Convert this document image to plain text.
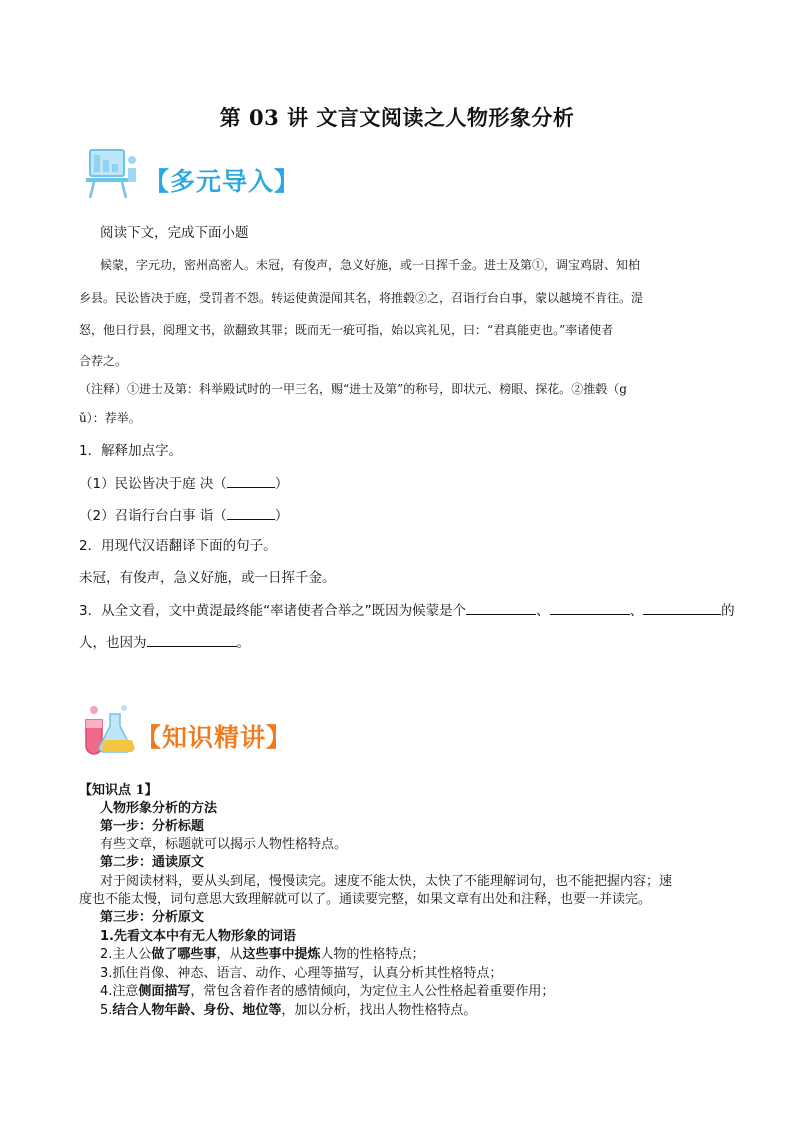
第 03 讲 文言文阅读之人物形象分析
【多元导入】
阅读下文，完成下面小题
候蒙，字元功，密州高密人。未冠，有俊声，急义好施，或一日挥千金。进士及第①，调宝鸡尉、知柏
乡县。民讼皆决于庭，受罚者不怨。转运使黄湜闻其名，将推毂②之，召诣行台白事，蒙以越境不肯往。湜
怒，他日行县，阅理文书，欲翻致其罪；既而无一疵可指，始以宾礼见，曰：“君真能吏也。”率诸使者
合荐之。
（注释）①进士及第：科举殿试时的一甲三名，赐“进士及第”的称号，即状元、榜眼、探花。②推毂（g
ǔ）：荐举。
1．解释加点字。
（1）民讼皆决于庭 决（	）
（2）召诣行台白事 诣（	）
2．用现代汉语翻译下面的句子。
未冠，有俊声，急义好施，或一日挥千金。
3．从全文看，文中黄湜最终能“率诸使者合举之”既因为候蒙是个	、	、	的
人，也因为	。
【知识精讲】
【知识点 1】
人物形象分析的方法
第一步：分析标题
有些文章，标题就可以揭示人物性格特点。
第二步：通读原文
对于阅读材料，要从头到尾，慢慢读完。速度不能太快，太快了不能理解词句，也不能把握内容；速
度也不能太慢，词句意思大致理解就可以了。通读要完整，如果文章有出处和注释，也要一并读完。
第三步：分析原文
1.先看文本中有无人物形象的词语
2.主人公做了哪些事，从这些事中提炼人物的性格特点；
3.抓住肖像、神态、语言、动作、心理等描写，认真分析其性格特点；
4.注意侧面描写，常包含着作者的感情倾向，为定位主人公性格起着重要作用；
5.结合人物年龄、身份、地位等，加以分析，找出人物性格特点。
